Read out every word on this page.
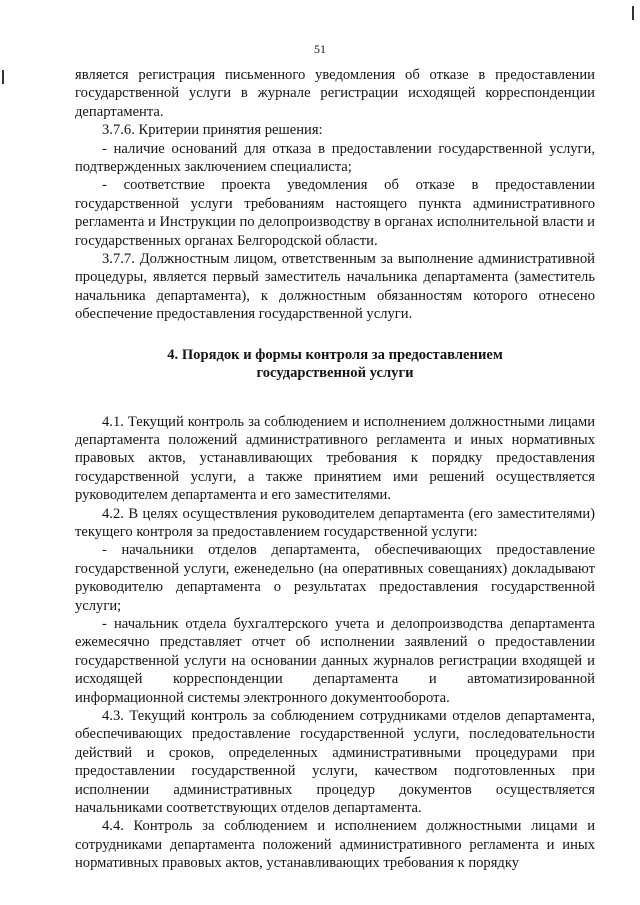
51

является регистрация письменного уведомления об отказе в предоставлении государственной услуги в журнале регистрации исходящей корреспонденции департамента.

3.7.6. Критерии принятия решения:

- наличие оснований для отказа в предоставлении государственной услуги, подтвержденных заключением специалиста;

- соответствие проекта уведомления об отказе в предоставлении государственной услуги требованиям настоящего пункта административного регламента и Инструкции по делопроизводству в органах исполнительной власти и государственных органах Белгородской области.

3.7.7. Должностным лицом, ответственным за выполнение административной процедуры, является первый заместитель начальника департамента (заместитель начальника департамента), к должностным обязанностям которого отнесено обеспечение предоставления государственной услуги.

4. Порядок и формы контроля за предоставлением
государственной услуги

4.1. Текущий контроль за соблюдением и исполнением должностными лицами департамента положений административного регламента и иных нормативных правовых актов, устанавливающих требования к порядку предоставления государственной услуги, а также принятием ими решений осуществляется руководителем департамента и его заместителями.

4.2. В целях осуществления руководителем департамента (его заместителями) текущего контроля за предоставлением государственной услуги:

- начальники отделов департамента, обеспечивающих предоставление государственной услуги, еженедельно (на оперативных совещаниях) докладывают руководителю департамента о результатах предоставления государственной услуги;

- начальник отдела бухгалтерского учета и делопроизводства департамента ежемесячно представляет отчет об исполнении заявлений о предоставлении государственной услуги на основании данных журналов регистрации входящей и исходящей корреспонденции департамента и автоматизированной информационной системы электронного документооборота.

4.3. Текущий контроль за соблюдением сотрудниками отделов департамента, обеспечивающих предоставление государственной услуги, последовательности действий и сроков, определенных административными процедурами при предоставлении государственной услуги, качеством подготовленных при исполнении административных процедур документов осуществляется начальниками соответствующих отделов департамента.

4.4. Контроль за соблюдением и исполнением должностными лицами и сотрудниками департамента положений административного регламента и иных нормативных правовых актов, устанавливающих требования к порядку
